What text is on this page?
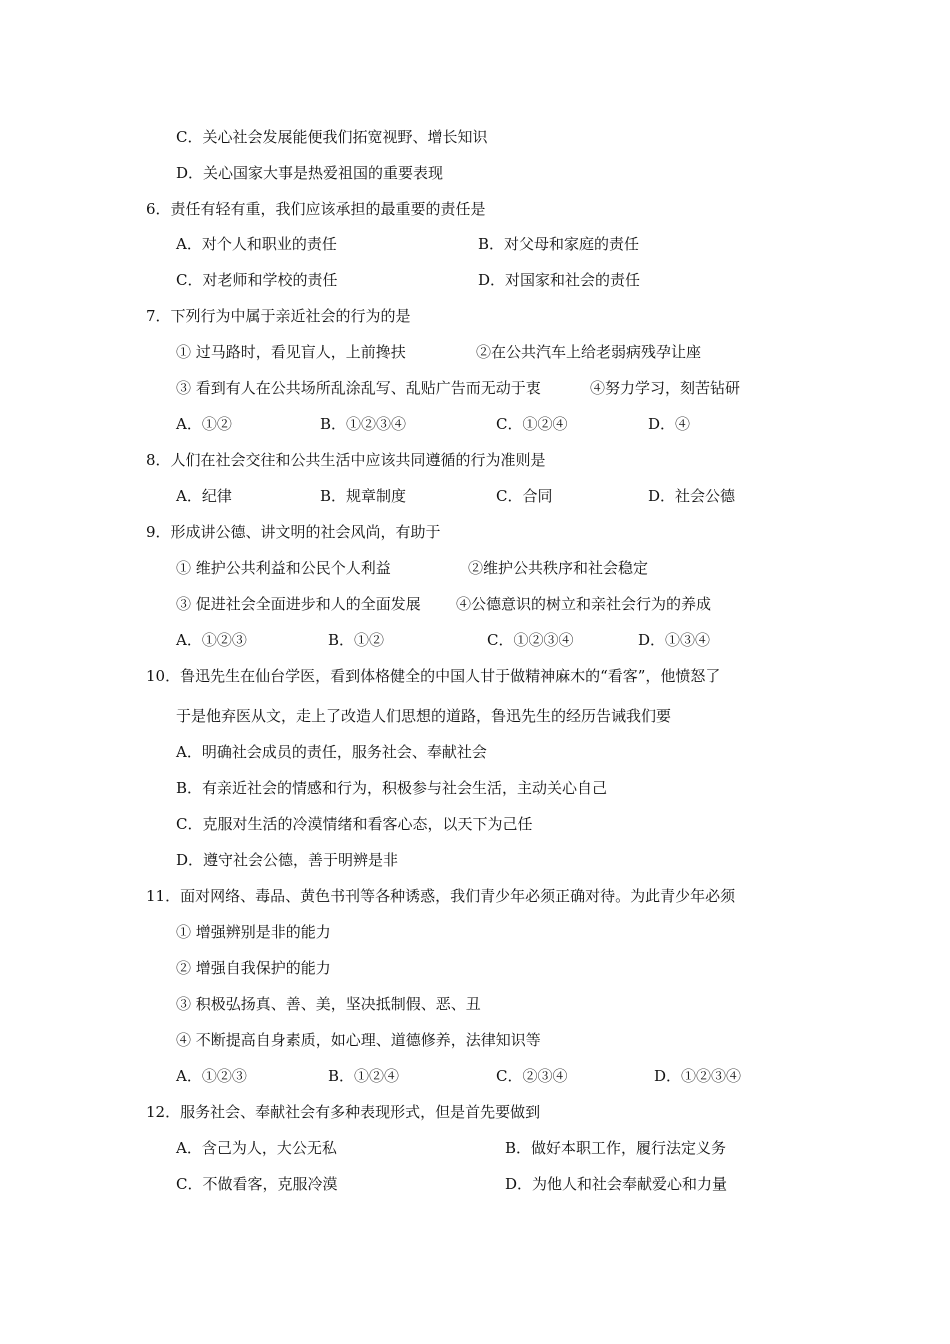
C．关心社会发展能便我们拓宽视野、增长知识
D．关心国家大事是热爱祖国的重要表现
6．责任有轻有重，我们应该承担的最重要的责任是
A．对个人和职业的责任	B．对父母和家庭的责任
C．对老师和学校的责任	D．对国家和社会的责任
7．下列行为中属于亲近社会的行为的是
① 过马路时，看见盲人，上前搀扶	②在公共汽车上给老弱病残孕让座
③ 看到有人在公共场所乱涂乱写、乱贴广告而无动于衷	④努力学习，刻苦钻研
A．①②	B．①②③④	C．①②④	D．④
8．人们在社会交往和公共生活中应该共同遵循的行为准则是
A．纪律	B．规章制度	C．合同	D．社会公德
9．形成讲公德、讲文明的社会风尚，有助于
① 维护公共利益和公民个人利益	②维护公共秩序和社会稳定
③ 促进社会全面进步和人的全面发展 ④公德意识的树立和亲社会行为的养成
A．①②③	B．①②	C．①②③④	D．①③④
10．鲁迅先生在仙台学医，看到体格健全的中国人甘于做精神麻木的“看客”，他愤怒了
于是他弃医从文，走上了改造人们思想的道路，鲁迅先生的经历告诫我们要
A．明确社会成员的责任，服务社会、奉献社会
B．有亲近社会的情感和行为，积极参与社会生活，主动关心自己
C．克服对生活的冷漠情绪和看客心态，以天下为己任
D．遵守社会公德，善于明辨是非
11．面对网络、毒品、黄色书刊等各种诱惑，我们青少年必须正确对待。为此青少年必须
① 增强辨别是非的能力
② 增强自我保护的能力
③ 积极弘扬真、善、美，坚决抵制假、恶、丑
④ 不断提高自身素质，如心理、道德修养，法律知识等
A．①②③	B．①②④	C．②③④	D．①②③④
12．服务社会、奉献社会有多种表现形式，但是首先要做到
A．含己为人，大公无私	B．做好本职工作，履行法定义务
C．不做看客，克服冷漠	D．为他人和社会奉献爱心和力量
